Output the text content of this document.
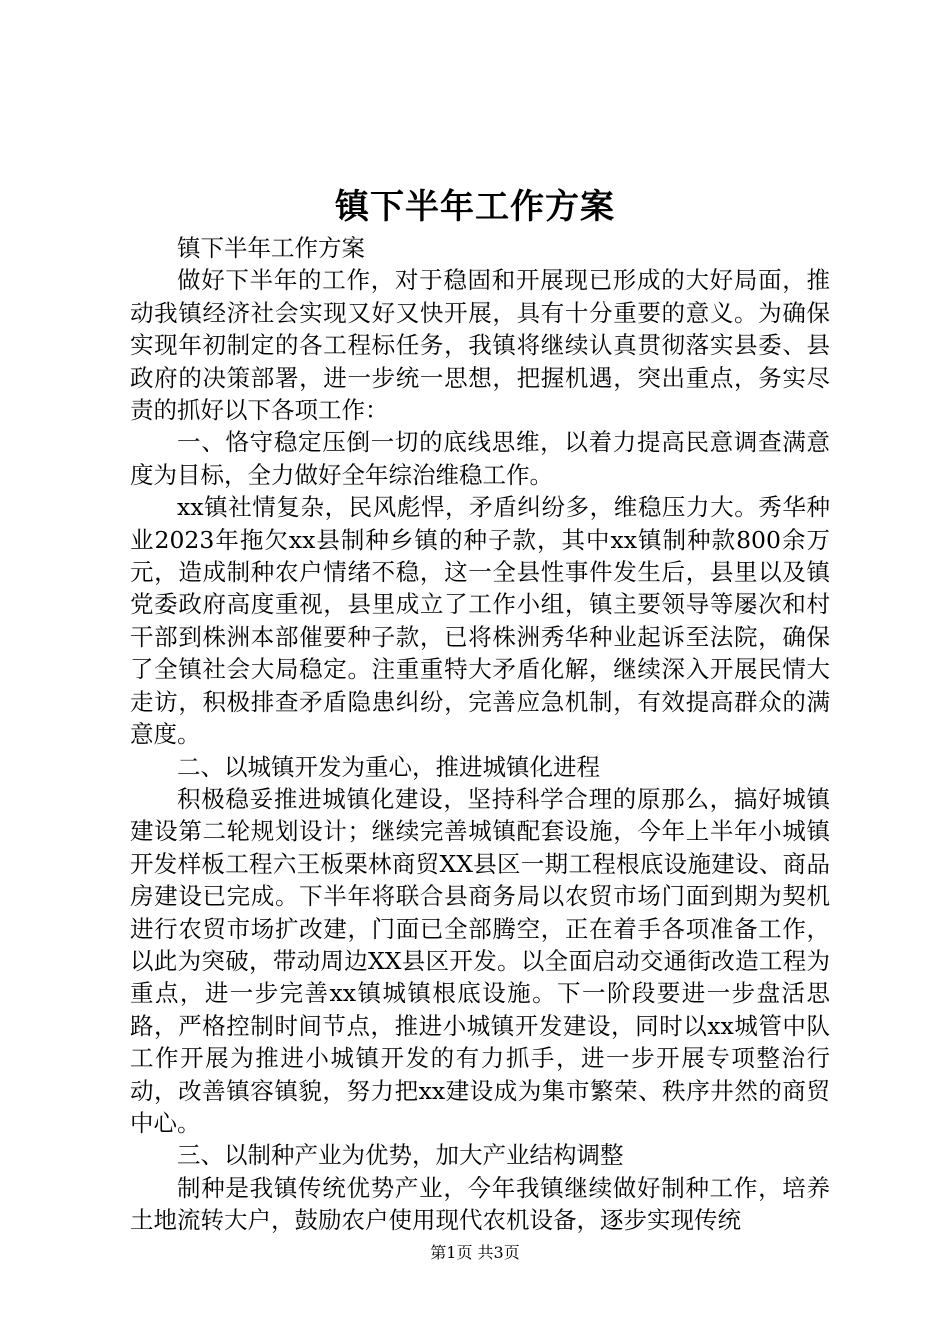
镇下半年工作方案

镇下半年工作方案

做好下半年的工作，对于稳固和开展现已形成的大好局面，推动我镇经济社会实现又好又快开展，具有十分重要的意义。为确保实现年初制定的各工程标任务，我镇将继续认真贯彻落实县委、县政府的决策部署，进一步统一思想，把握机遇，突出重点，务实尽责的抓好以下各项工作：

一、恪守稳定压倒一切的底线思维，以着力提高民意调查满意度为目标，全力做好全年综治维稳工作。

xx镇社情复杂，民风彪悍，矛盾纠纷多，维稳压力大。秀华种业2023年拖欠xx县制种乡镇的种子款，其中xx镇制种款800余万元，造成制种农户情绪不稳，这一全县性事件发生后，县里以及镇党委政府高度重视，县里成立了工作小组，镇主要领导等屡次和村干部到株洲本部催要种子款，已将株洲秀华种业起诉至法院，确保了全镇社会大局稳定。注重重特大矛盾化解，继续深入开展民情大走访，积极排查矛盾隐患纠纷，完善应急机制，有效提高群众的满意度。

二、以城镇开发为重心，推进城镇化进程

积极稳妥推进城镇化建设，坚持科学合理的原那么，搞好城镇建设第二轮规划设计；继续完善城镇配套设施，今年上半年小城镇开发样板工程六王板栗林商贸XX县区一期工程根底设施建设、商品房建设已完成。下半年将联合县商务局以农贸市场门面到期为契机进行农贸市场扩改建，门面已全部腾空，正在着手各项准备工作，以此为突破，带动周边XX县区开发。以全面启动交通街改造工程为重点，进一步完善xx镇城镇根底设施。下一阶段要进一步盘活思路，严格控制时间节点，推进小城镇开发建设，同时以xx城管中队工作开展为推进小城镇开发的有力抓手，进一步开展专项整治行动，改善镇容镇貌，努力把xx建设成为集市繁荣、秩序井然的商贸中心。

三、以制种产业为优势，加大产业结构调整

制种是我镇传统优势产业，今年我镇继续做好制种工作，培养土地流转大户，鼓励农户使用现代农机设备，逐步实现传统

第1页 共3页
